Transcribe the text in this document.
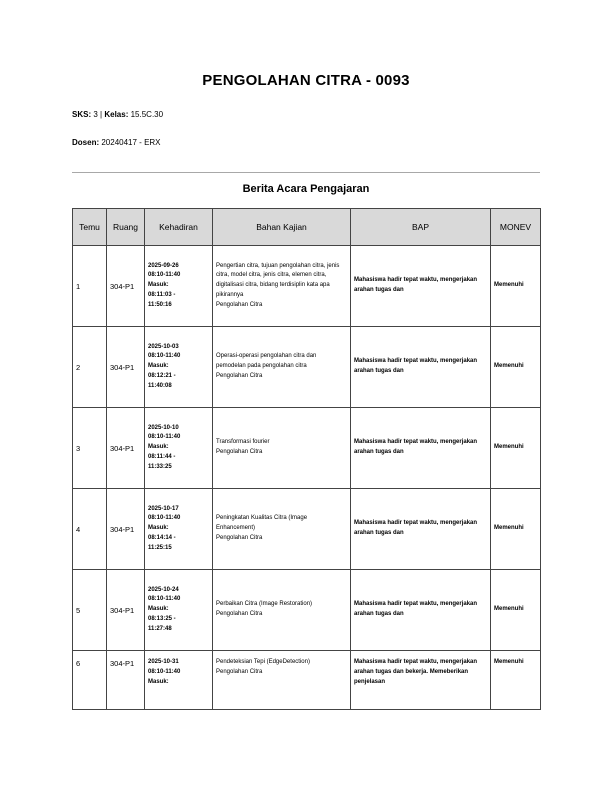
PENGOLAHAN CITRA - 0093
SKS: 3 | Kelas: 15.5C.30
Dosen: 20240417 - ERX
Berita Acara Pengajaran
Temu	Ruang	Kehadiran	Bahan Kajian	BAP	MONEV
1	304-P1	2025-09-26
08:10-11:40
Masuk:
08:11:03 -
11:50:16	Pengertian citra, tujuan pengolahan citra, jenis citra, model citra, jenis citra, elemen citra, digitalisasi citra, bidang terdisiplin kata apa pikirannya
Pengolahan Citra	Mahasiswa hadir tepat waktu, mengerjakan arahan tugas dan	Memenuhi
2	304-P1	2025-10-03
08:10-11:40
Masuk:
08:12:21 -
11:40:08	Operasi-operasi pengolahan citra dan pemodelan pada pengolahan citra
Pengolahan Citra	Mahasiswa hadir tepat waktu, mengerjakan arahan tugas dan	Memenuhi
3	304-P1	2025-10-10
08:10-11:40
Masuk:
08:11:44 -
11:33:25	Transformasi fourier
Pengolahan Citra	Mahasiswa hadir tepat waktu, mengerjakan arahan tugas dan	Memenuhi
4	304-P1	2025-10-17
08:10-11:40
Masuk:
08:14:14 -
11:25:15	Peningkatan Kualitas Citra (Image Enhancement)
Pengolahan Citra	Mahasiswa hadir tepat waktu, mengerjakan arahan tugas dan	Memenuhi
5	304-P1	2025-10-24
08:10-11:40
Masuk:
08:13:25 -
11:27:48	Perbaikan Citra (Image Restoration)
Pengolahan Citra	Mahasiswa hadir tepat waktu, mengerjakan arahan tugas dan	Memenuhi
6	304-P1	2025-10-31
08:10-11:40
Masuk:	Pendeteksian Tepi (EdgeDetection)
Pengolahan Citra	Mahasiswa hadir tepat waktu, mengerjakan arahan tugas dan bekerja. Memeberikan penjelasan	Memenuhi
